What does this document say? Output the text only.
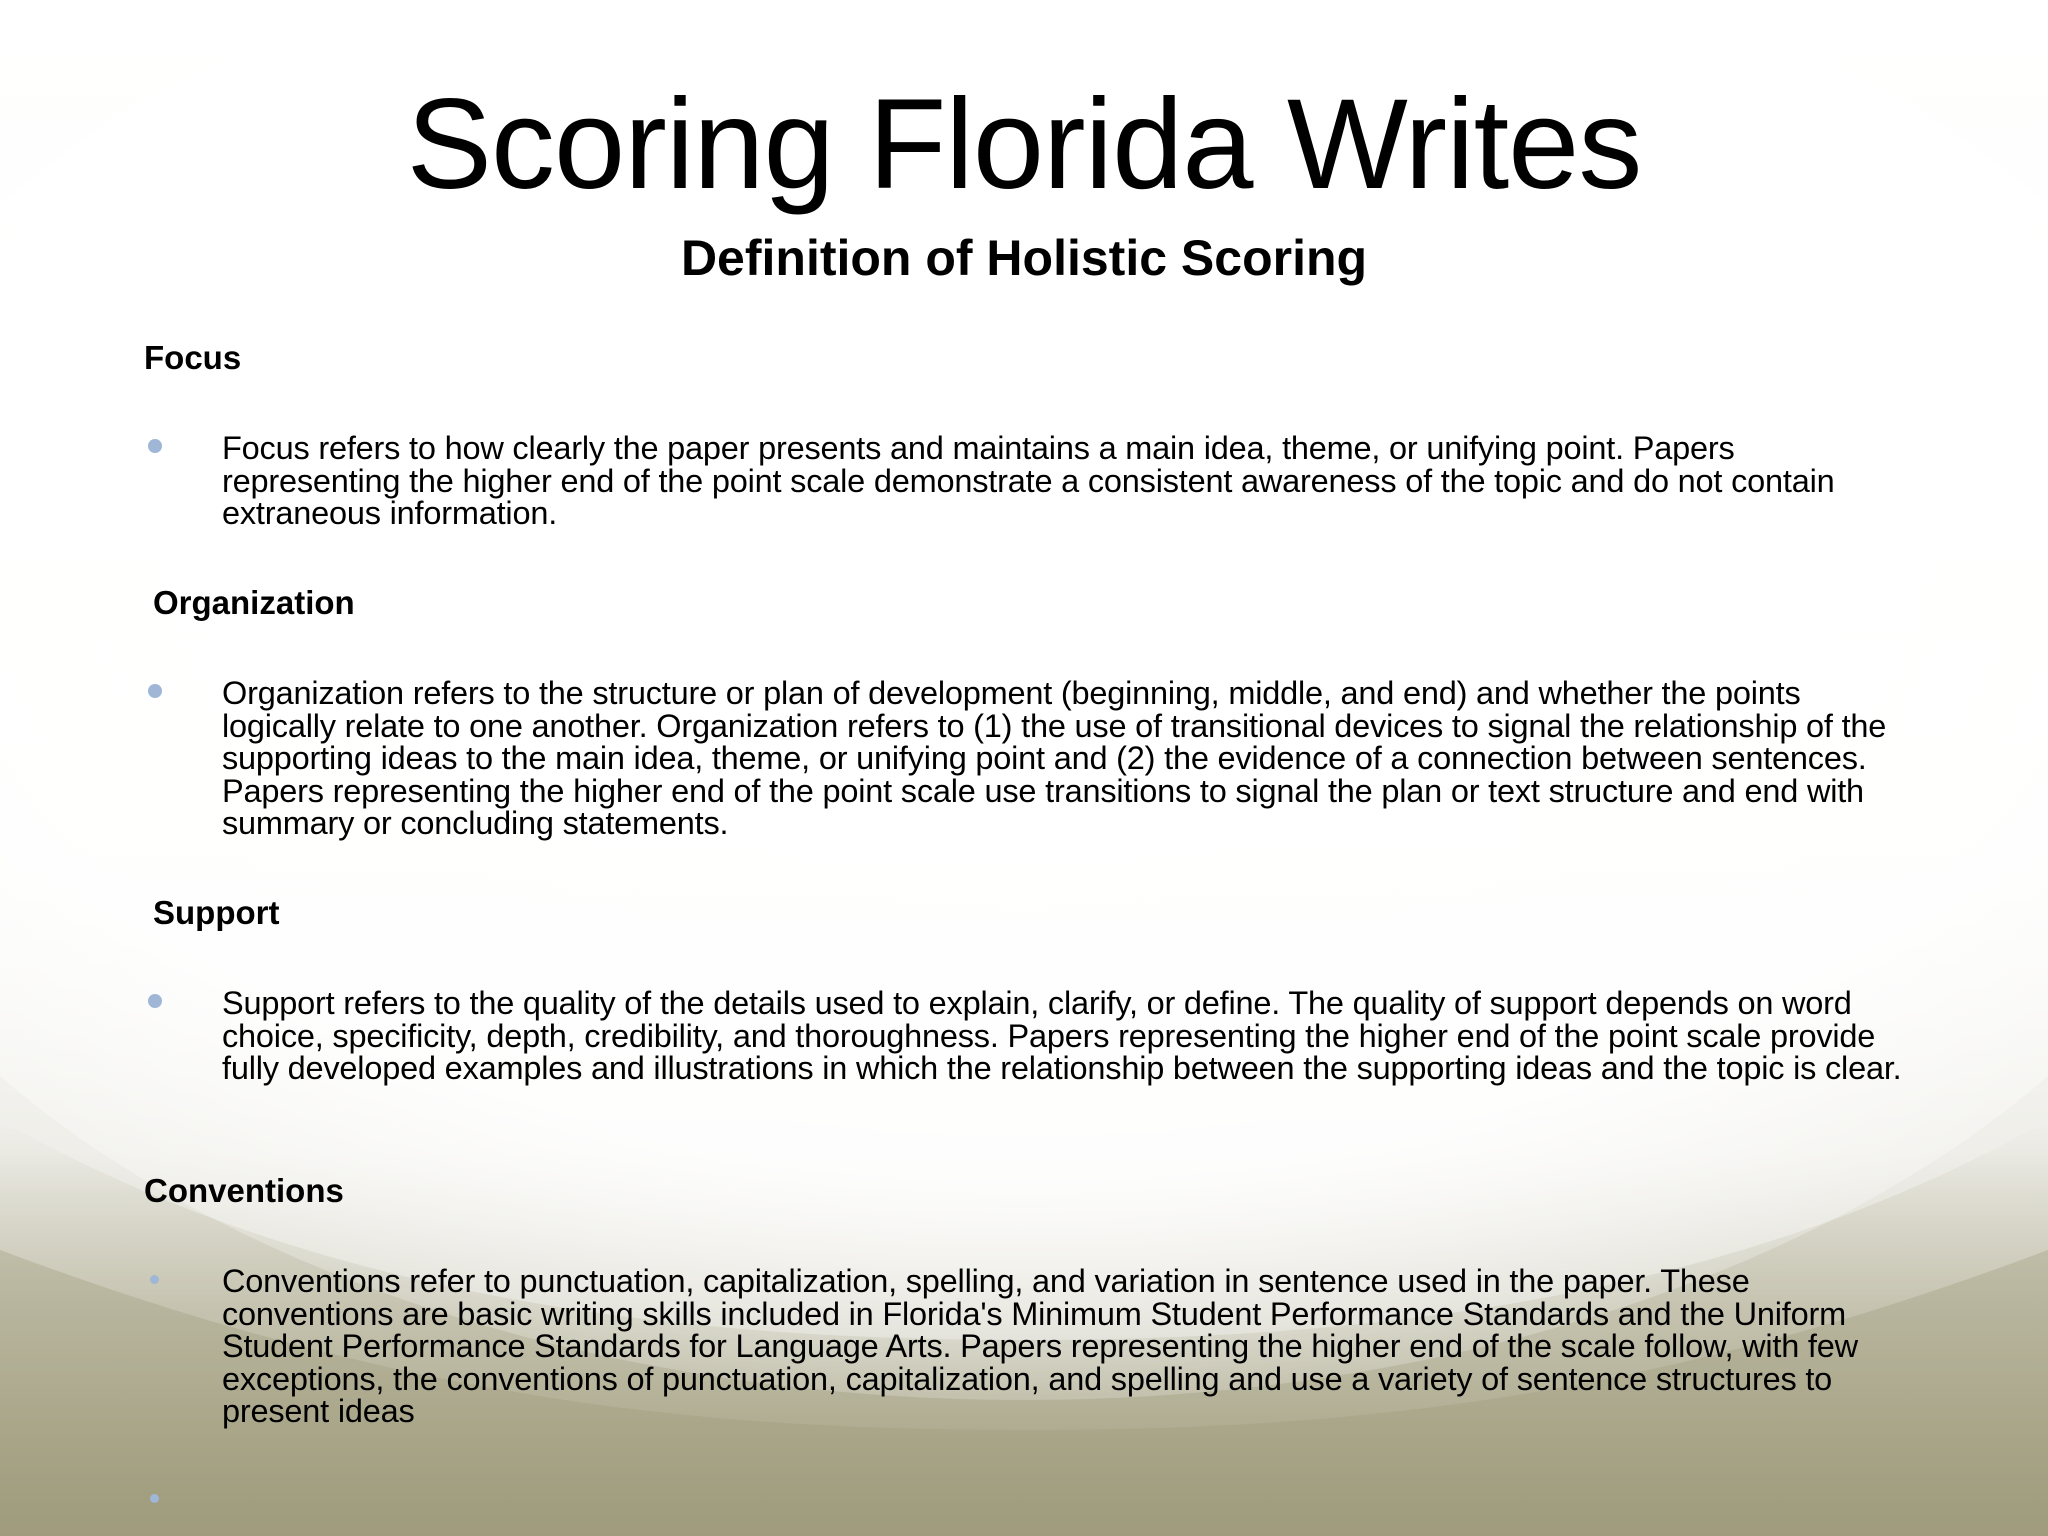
Scoring Florida Writes
Definition of Holistic Scoring
Focus

Focus refers to how clearly the paper presents and maintains a main idea, theme, or unifying point. Papers representing the higher end of the point scale demonstrate a consistent awareness of the topic and do not contain extraneous information.

Organization

Organization refers to the structure or plan of development (beginning, middle, and end) and whether the points logically relate to one another. Organization refers to (1) the use of transitional devices to signal the relationship of the supporting ideas to the main idea, theme, or unifying point and (2) the evidence of a connection between sentences. Papers representing the higher end of the point scale use transitions to signal the plan or text structure and end with summary or concluding statements.

Support

Support refers to the quality of the details used to explain, clarify, or define. The quality of support depends on word choice, specificity, depth, credibility, and thoroughness. Papers representing the higher end of the point scale provide fully developed examples and illustrations in which the relationship between the supporting ideas and the topic is clear.

Conventions

Conventions refer to punctuation, capitalization, spelling, and variation in sentence used in the paper. These conventions are basic writing skills included in Florida's Minimum Student Performance Standards and the Uniform Student Performance Standards for Language Arts. Papers representing the higher end of the scale follow, with few exceptions, the conventions of punctuation, capitalization, and spelling and use a variety of sentence structures to present ideas
